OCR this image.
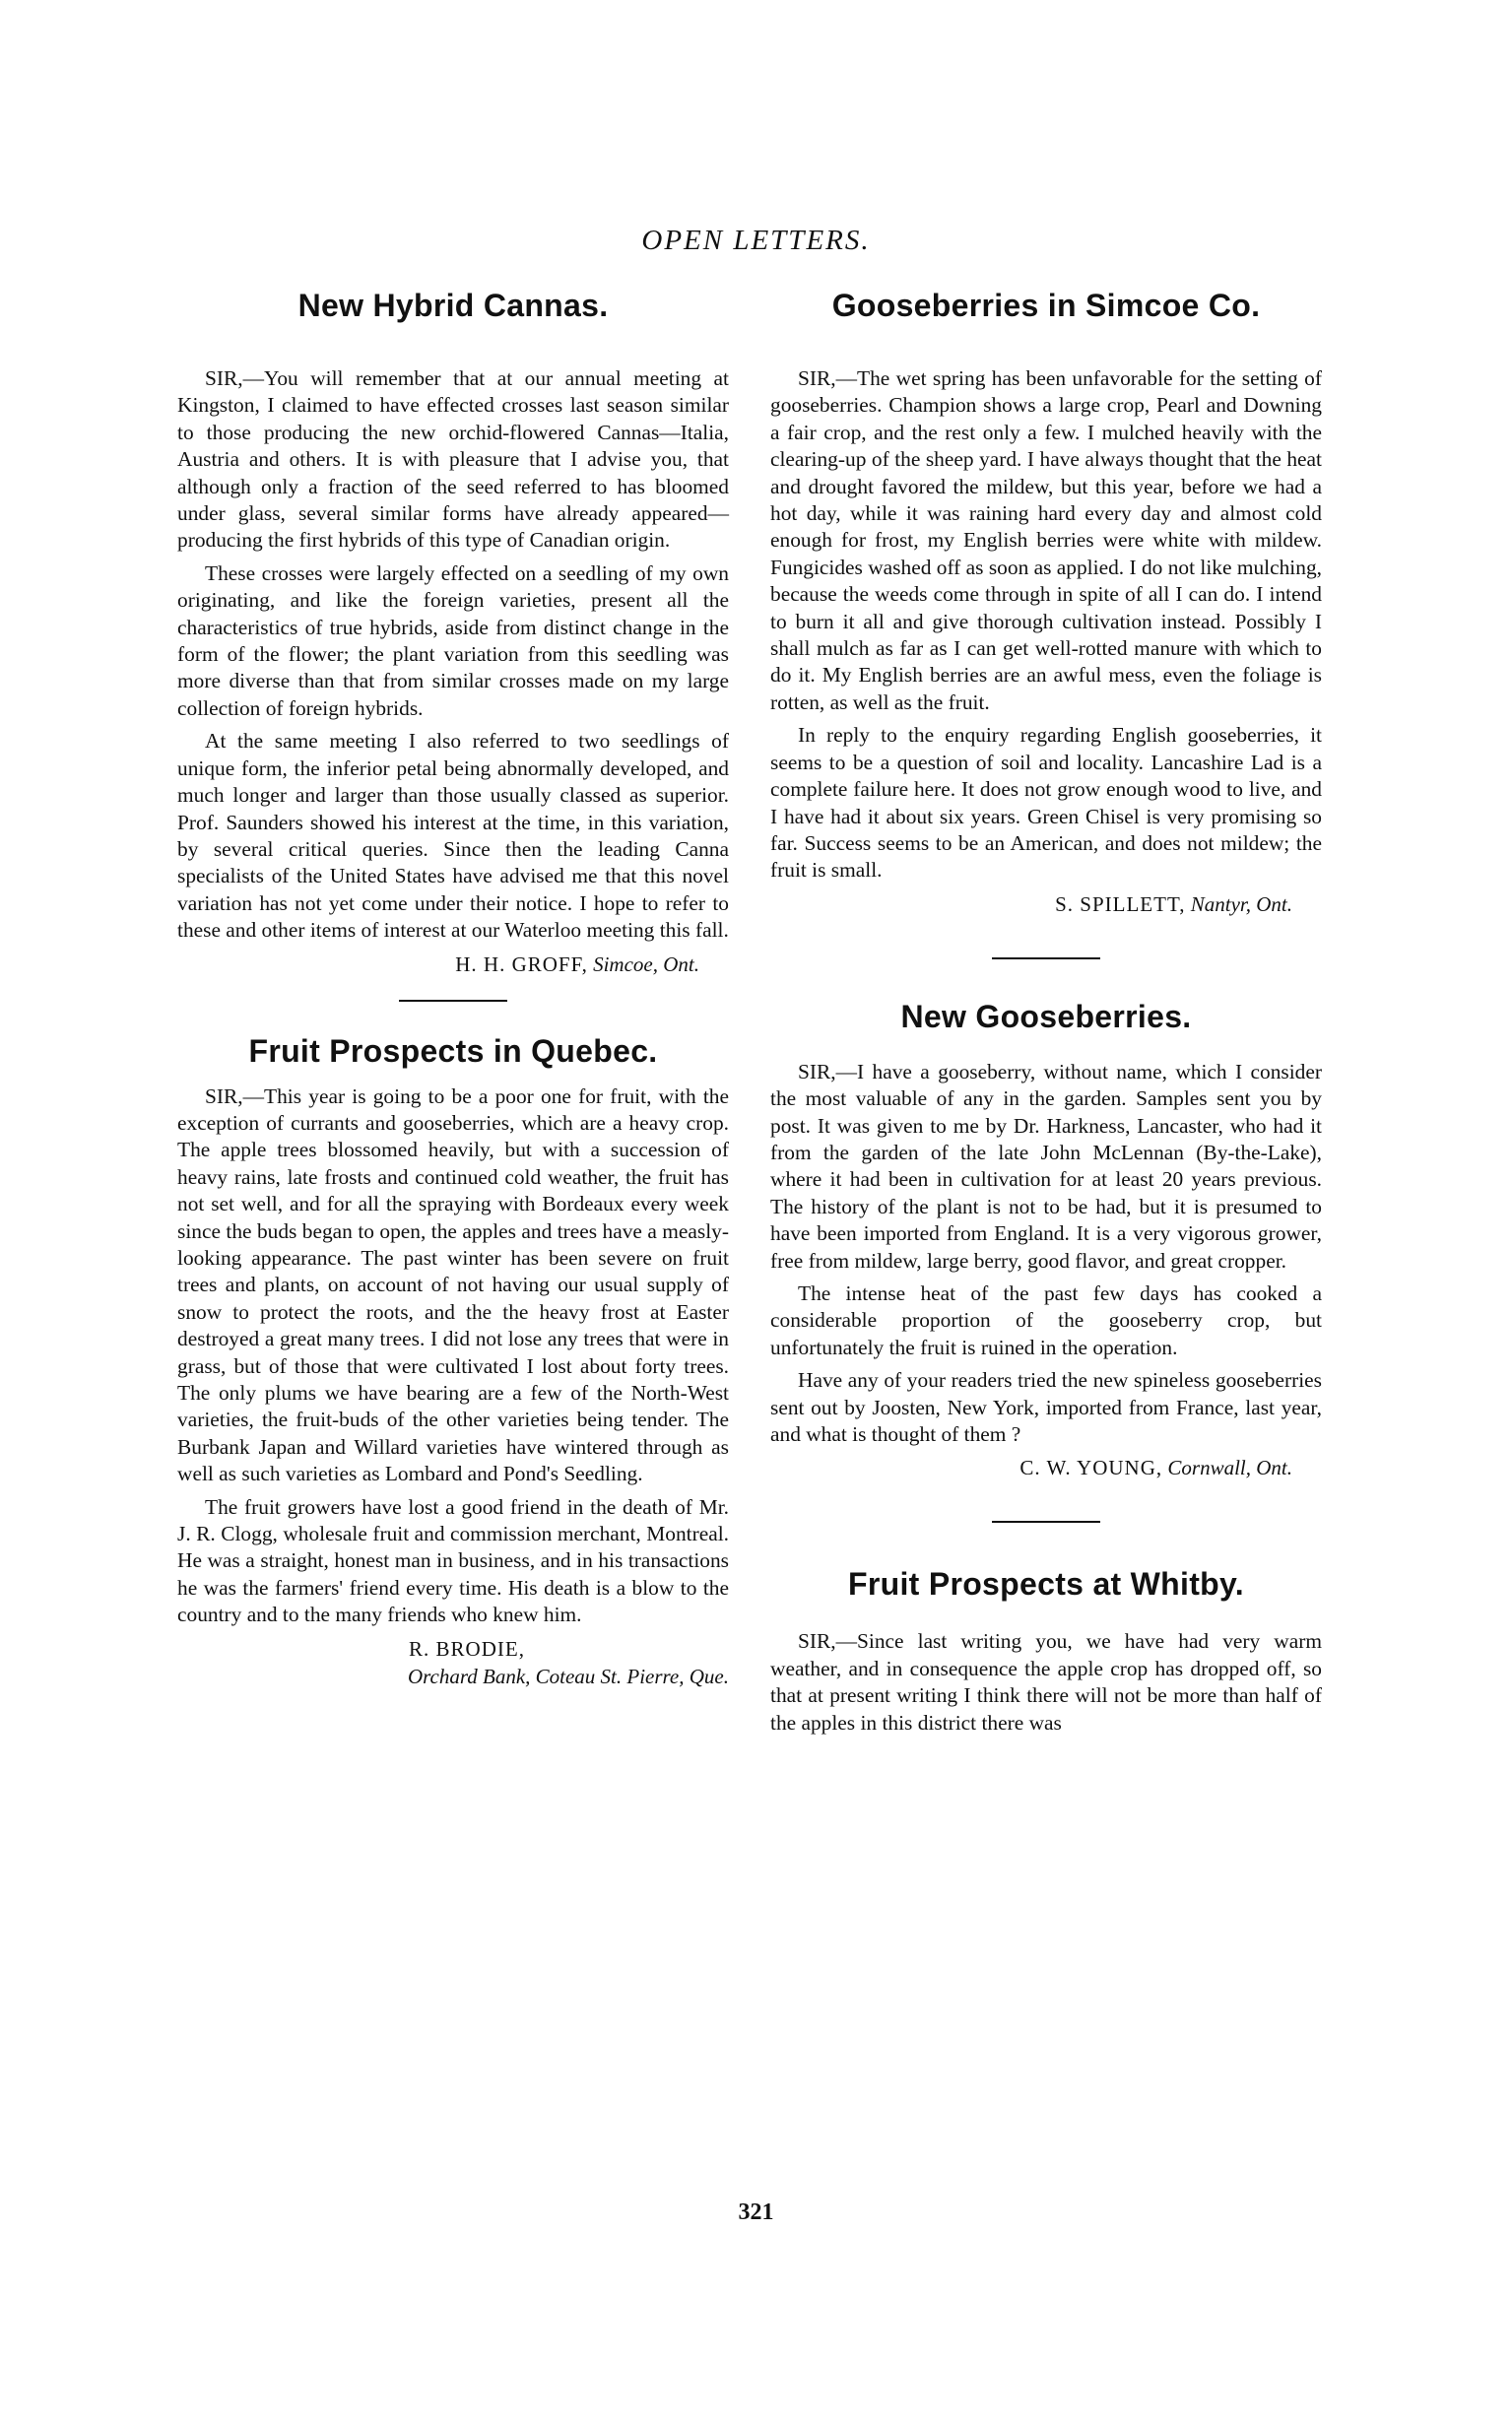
OPEN LETTERS.
New Hybrid Cannas.

SIR,—You will remember that at our annual meeting at Kingston, I claimed to have effected crosses last season similar to those producing the new orchid-flowered Cannas—Italia, Austria and others. It is with pleasure that I advise you, that although only a fraction of the seed referred to has bloomed under glass, several similar forms have already appeared—producing the first hybrids of this type of Canadian origin.

These crosses were largely effected on a seedling of my own originating, and like the foreign varieties, present all the characteristics of true hybrids, aside from distinct change in the form of the flower; the plant variation from this seedling was more diverse than that from similar crosses made on my large collection of foreign hybrids.

At the same meeting I also referred to two seedlings of unique form, the inferior petal being abnormally developed, and much longer and larger than those usually classed as superior. Prof. Saunders showed his interest at the time, in this variation, by several critical queries. Since then the leading Canna specialists of the United States have advised me that this novel variation has not yet come under their notice. I hope to refer to these and other items of interest at our Waterloo meeting this fall.

H. H. GROFF, Simcoe, Ont.

Fruit Prospects in Quebec.

SIR,—This year is going to be a poor one for fruit, with the exception of currants and gooseberries, which are a heavy crop. The apple trees blossomed heavily, but with a succession of heavy rains, late frosts and continued cold weather, the fruit has not set well, and for all the spraying with Bordeaux every week since the buds began to open, the apples and trees have a measly-looking appearance. The past winter has been severe on fruit trees and plants, on account of not having our usual supply of snow to protect the roots, and the the heavy frost at Easter destroyed a great many trees. I did not lose any trees that were in grass, but of those that were cultivated I lost about forty trees. The only plums we have bearing are a few of the North-West varieties, the fruit-buds of the other varieties being tender. The Burbank Japan and Willard varieties have wintered through as well as such varieties as Lombard and Pond's Seedling.

The fruit growers have lost a good friend in the death of Mr. J. R. Clogg, wholesale fruit and commission merchant, Montreal. He was a straight, honest man in business, and in his transactions he was the farmers' friend every time. His death is a blow to the country and to the many friends who knew him.

R. BRODIE,

Orchard Bank, Coteau St. Pierre, Que.

Gooseberries in Simcoe Co.

SIR,—The wet spring has been unfavorable for the setting of gooseberries. Champion shows a large crop, Pearl and Downing a fair crop, and the rest only a few. I mulched heavily with the clearing-up of the sheep yard. I have always thought that the heat and drought favored the mildew, but this year, before we had a hot day, while it was raining hard every day and almost cold enough for frost, my English berries were white with mildew. Fungicides washed off as soon as applied. I do not like mulching, because the weeds come through in spite of all I can do. I intend to burn it all and give thorough cultivation instead. Possibly I shall mulch as far as I can get well-rotted manure with which to do it. My English berries are an awful mess, even the foliage is rotten, as well as the fruit.

In reply to the enquiry regarding English gooseberries, it seems to be a question of soil and locality. Lancashire Lad is a complete failure here. It does not grow enough wood to live, and I have had it about six years. Green Chisel is very promising so far. Success seems to be an American, and does not mildew; the fruit is small.

S. SPILLETT, Nantyr, Ont.

New Gooseberries.

SIR,—I have a gooseberry, without name, which I consider the most valuable of any in the garden. Samples sent you by post. It was given to me by Dr. Harkness, Lancaster, who had it from the garden of the late John McLennan (By-the-Lake), where it had been in cultivation for at least 20 years previous. The history of the plant is not to be had, but it is presumed to have been imported from England. It is a very vigorous grower, free from mildew, large berry, good flavor, and great cropper.

The intense heat of the past few days has cooked a considerable proportion of the gooseberry crop, but unfortunately the fruit is ruined in the operation.

Have any of your readers tried the new spineless gooseberries sent out by Joosten, New York, imported from France, last year, and what is thought of them ?

C. W. YOUNG, Cornwall, Ont.

Fruit Prospects at Whitby.

SIR,—Since last writing you, we have had very warm weather, and in consequence the apple crop has dropped off, so that at present writing I think there will not be more than half of the apples in this district there was

321
